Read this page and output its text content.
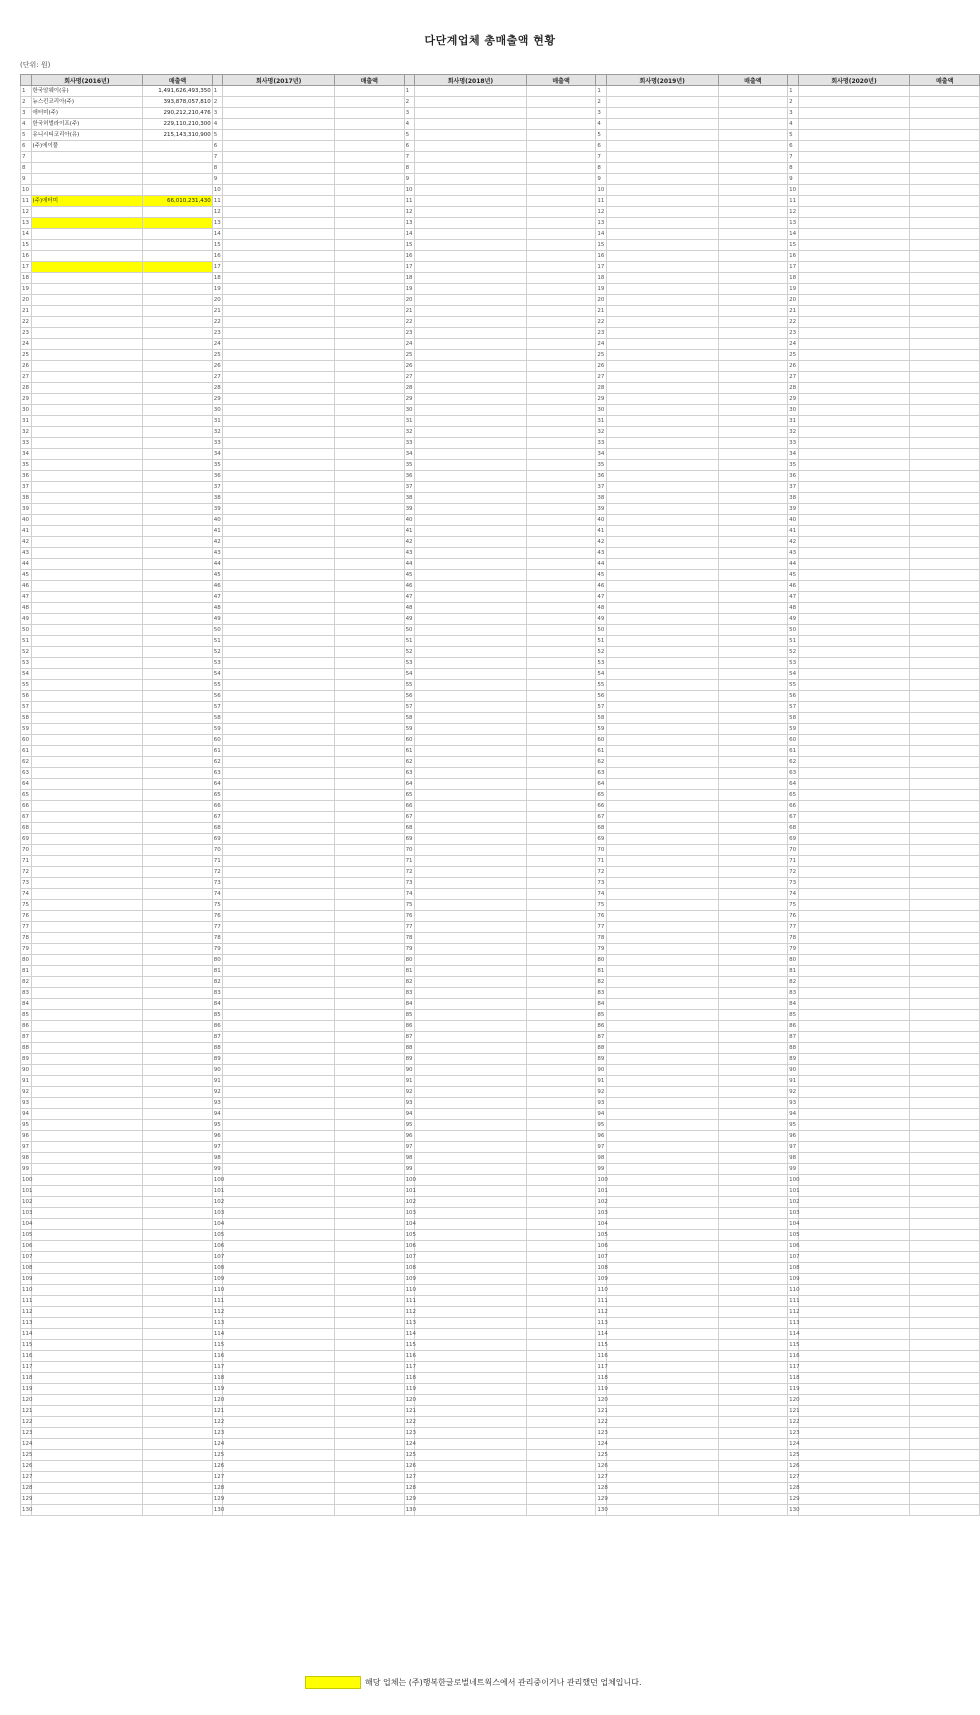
다단계업체 총매출액 현황
(단위: 원)
	회사명(2016년)	매출액		회사명(2017년)	매출액		회사명(2018년)	매출액		회사명(2019년)	매출액		회사명(2020년)	매출액
1	한국암웨이(유)	1,491,626,493,350	1			1			1			1		
2	뉴스킨코리아(주)	393,878,057,810	2			2			2			2		
3	애터미(주)	290,212,210,476	3			3			3			3		
4	한국허벌라이프(주)	229,110,210,300	4			4			4			4		
5	유니시티코리아(유)	215,143,310,900	5			5			5			5		
6	(주)에이풀		6			6			6			6		
7			7			7			7			7		
8			8			8			8			8		
9			9			9			9			9		
10			10			10			10			10		
11	(주)애터미	66,010,231,430	11			11			11			11		
12			12			12			12			12		
13			13			13			13			13		
14			14			14			14			14		
15			15			15			15			15		
16			16			16			16			16		
17			17			17			17			17		
18			18			18			18			18		
19			19			19			19			19		
20			20			20			20			20		
21			21			21			21			21		
22			22			22			22			22		
23			23			23			23			23		
24			24			24			24			24		
25			25			25			25			25		
26			26			26			26			26		
27			27			27			27			27		
28			28			28			28			28		
29			29			29			29			29		
30			30			30			30			30		
31			31			31			31			31		
32			32			32			32			32		
33			33			33			33			33		
34			34			34			34			34		
35			35			35			35			35		
36			36			36			36			36		
37			37			37			37			37		
38			38			38			38			38		
39			39			39			39			39		
40			40			40			40			40		
41			41			41			41			41		
42			42			42			42			42		
43			43			43			43			43		
44			44			44			44			44		
45			45			45			45			45		
46			46			46			46			46		
47			47			47			47			47		
48			48			48			48			48		
49			49			49			49			49		
50			50			50			50			50		
51			51			51			51			51		
52			52			52			52			52		
53			53			53			53			53		
54			54			54			54			54		
55			55			55			55			55		
56			56			56			56			56		
57			57			57			57			57		
58			58			58			58			58		
59			59			59			59			59		
60			60			60			60			60		
61			61			61			61			61		
62			62			62			62			62		
63			63			63			63			63		
64			64			64			64			64		
65			65			65			65			65		
66			66			66			66			66		
67			67			67			67			67		
68			68			68			68			68		
69			69			69			69			69		
70			70			70			70			70		
71			71			71			71			71		
72			72			72			72			72		
73			73			73			73			73		
74			74			74			74			74		
75			75			75			75			75		
76			76			76			76			76		
77			77			77			77			77		
78			78			78			78			78		
79			79			79			79			79		
80			80			80			80			80		
81			81			81			81			81		
82			82			82			82			82		
83			83			83			83			83		
84			84			84			84			84		
85			85			85			85			85		
86			86			86			86			86		
87			87			87			87			87		
88			88			88			88			88		
89			89			89			89			89		
90			90			90			90			90		
91			91			91			91			91		
92			92			92			92			92		
93			93			93			93			93		
94			94			94			94			94		
95			95			95			95			95		
96			96			96			96			96		
97			97			97			97			97		
98			98			98			98			98		
99			99			99			99			99		
100			100			100			100			100		
101			101			101			101			101		
102			102			102			102			102		
103			103			103			103			103		
104			104			104			104			104		
105			105			105			105			105		
106			106			106			106			106		
107			107			107			107			107		
108			108			108			108			108		
109			109			109			109			109		
110			110			110			110			110		
111			111			111			111			111		
112			112			112			112			112		
113			113			113			113			113		
114			114			114			114			114		
115			115			115			115			115		
116			116			116			116			116		
117			117			117			117			117		
118			118			118			118			118		
119			119			119			119			119		
120			120			120			120			120		
121			121			121			121			121		
122			122			122			122			122		
123			123			123			123			123		
124			124			124			124			124		
125			125			125			125			125		
126			126			126			126			126		
127			127			127			127			127		
128			128			128			128			128		
129			129			129			129			129		
130			130			130			130			130		
해당 업체는 (주)행복한글로벌네트웍스에서 관리중이거나 관리했던 업체입니다.
